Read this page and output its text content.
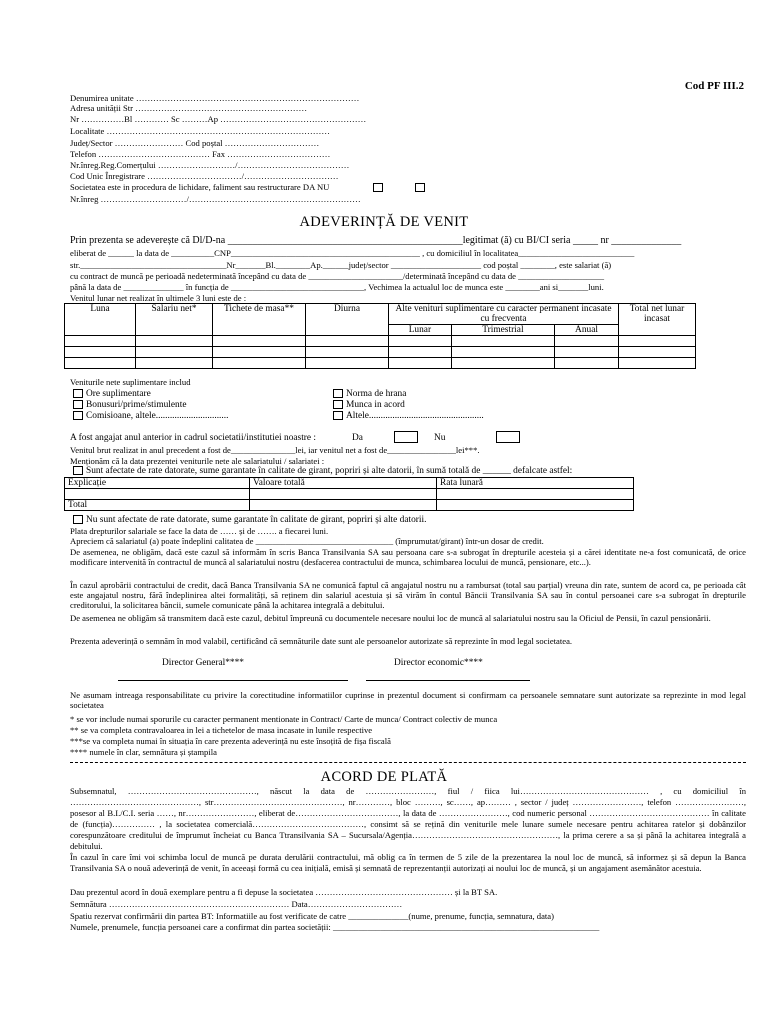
Cod PF III.2
Denumirea unitate ……………………………………………………………………
Adresa unității Str ……………………………………………………
Nr ……………Bl ………… Sc ………Ap ……………………………………………
Localitate ……………………………………………………………………
Județ/Sector …………………… Cod poștal ……………………………
Telefon ………………………………… Fax ………………………………
Nr.înreg.Reg.Comerțului ………………………/…………………………………
Cod Unic Înregistrare ……………………………/……………………………
Societatea este in procedura de lichidare, faliment sau restructurare DA NU
Nr.înreg …………………………/……………………………………………………
ADEVERINȚĂ DE VENIT
Prin prezenta se adeverește că Dl/D-na _______________________________________________legitimat (ă) cu BI/CI seria _____ nr ______________
eliberat de ______ la data de __________CNP____________________________________________ , cu domiciliul în localitatea___________________________
str.__________________________________Nr_______Bl.________Ap.______județ/sector _____________________ cod poștal ________, este salariat (ă)
cu contract de muncă pe perioadă nedeterminată începând cu data de ______________________/determinată începând cu data de ____________________
până la data de ______________ în funcția de _______________________________, Vechimea la actualul loc de munca este ________ani si_______luni.
Venitul lunar net realizat în ultimele 3 luni este de :
Luna	Salariu net*	Tichete de masa**	Diurna	Alte venituri suplimentare cu caracter permanent incasate cu frecventa			Total net lunar incasat
				Lunar	Trimestrial	Anual	

Veniturile nete suplimentare includ
Ore suplimentare
Bonusuri/prime/stimulente
Comisioane, altele...............................
Norma de hrana
Munca in acord
Altele.................................................
A fost angajat anul anterior in cadrul societatii/institutiei noastre :	Da	Nu
Venitul brut realizat in anul precedent a fost de_______________lei, iar venitul net a fost de________________lei***.
Menționăm că la data prezentei veniturile nete ale salariatului / salariatei :
Sunt afectate de rate datorate, sume garantate în calitate de girant, popriri și alte datorii, în sumă totală de ______ defalcate astfel:
Explicație	Valoare totală	Rata lunară

Total		
Nu sunt afectate de rate datorate, sume garantate în calitate de girant, popriri și alte datorii.
Plata drepturilor salariale se face la data de …… și de ……. a fiecarei luni.
Apreciem că salariatul (a) poate îndeplini calitatea de ________________________________ (împrumutat/girant) într-un dosar de credit.
De asemenea, ne obligăm, dacă este cazul să informăm în scris Banca Transilvania SA sau persoana care s-a subrogat în drepturile acesteia și a cărei identitate ne-a fost comunicată, de orice modificare intervenită în contractul de muncă al salariatului nostru (desfacerea contractului de munca, schimbarea locului de muncă, pensionare, etc...).
În cazul aprobării contractului de credit, dacă Banca Transilvania SA ne comunică faptul că angajatul nostru nu a rambursat (total sau parțial) vreuna din rate, suntem de acord ca, pe perioada cât este angajatul nostru, fără îndeplinirea altei formalități, să reținem din salariul acestuia și să virăm în contul Băncii Transilvania SA sau în contul persoanei care s-a subrogat în drepturile creditorului, la solicitarea băncii, sumele comunicate până la achitarea integrală a debitului.
De asemenea ne obligăm să transmitem dacă este cazul, debitul împreună cu documentele necesare noului loc de muncă al salariatului nostru sau la Oficiul de Pensii, în cazul pensionării.
Prezenta adeverință o semnăm în mod valabil, certificând că semnăturile date sunt ale persoanelor autorizate să reprezinte în mod legal societatea.
Director General****	Director economic****
Ne asumam intreaga responsabilitate cu privire la corectitudine informatiilor cuprinse in prezentul document si confirmam ca persoanele semnatare sunt autorizate sa reprezinte in mod legal societatea
* se vor include numai sporurile cu caracter permanent mentionate in Contract/ Carte de munca/ Contract colectiv de munca
** se va completa contravaloarea in lei a tichetelor de masa incasate in lunile respective
***se va completa numai în situația în care prezenta adeverință nu este însoțită de fișa fiscală
**** numele în clar, semnătura și ștampila
ACORD DE PLATĂ
Subsemnatul, ………………………………………, născut la data de ……………………, fiul / fiica lui……………………………………… , cu domiciliul în ………………………………………, str………………………………………, nr…………, bloc ………, sc……, ap……… , sector / județ ……………………, telefon ……………………, posesor al B.I./C.I. seria ……, nr……………………, eliberat de………………………………, la data de ……………………, cod numeric personal …………………………………… în calitate de (funcția)…………… , la societatea comercială…………………………………, consimt să se rețină din veniturile mele lunare sumele necesare pentru achitarea ratelor și dobânzilor corespunzătoare creditului de împrumut încheiat cu Banca Ttransilvania SA – Sucursala/Agenția……………………………………………, la prima cerere a sa și până la achitarea integrală a debitului.
În cazul în care îmi voi schimba locul de muncă pe durata derulării contractului, mă oblig ca în termen de 5 zile de la prezentarea la noul loc de muncă, să informez și să depun la Banca Transilvania SA o nouă adeverință de venit, în aceeași formă cu cea inițială, emisă și semnată de reprezentanții autorizați ai noului loc de muncă, și un angajament asemănător acestuia.
Dau prezentul acord în două exemplare pentru a fi depuse la societatea ………………………………………… și la BT SA.
Semnătura ……………………………………………………… Data……………………………
Spatiu rezervat confirmării din partea BT: Informatiile au fost verificate de catre ______________(nume, prenume, funcția, semnatura, data)
Numele, prenumele, funcția persoanei care a confirmat din partea societății: ______________________________________________________________
